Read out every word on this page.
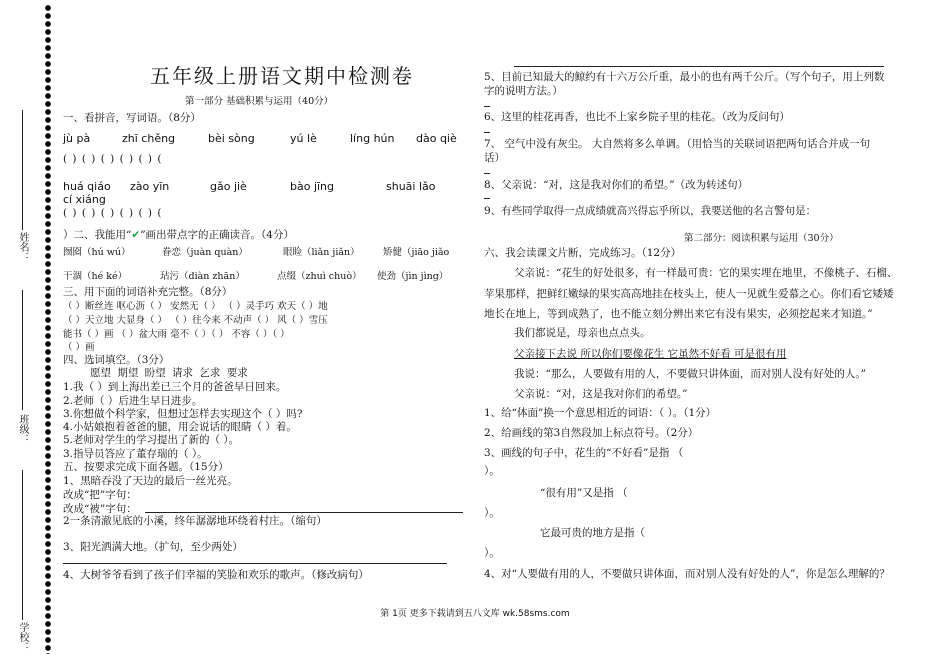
姓名：
班级：
学校：
五年级上册语文期中检测卷
第一部分 基础积累与运用（40分）
一、看拼音，写词语。（8分）
jù pà	zhī chěng	bèi sòng	yú lè	líng hún dào qiè
( ) ( ) ( ) ( ) ( ) (
huá qiáo zào yīn	gǎo jiè	bào jīng	shuāi lǎo
cí xiáng
( ) ( ) ( ) ( ) ( ) (
）二、我能用“✔”画出带点字的正确读音。（4分）
囫囵（hú wú）	眷恋（juàn quàn）	眼睑（liǎn jiǎn） 矫健（jiāo jiǎo
干涸（hé ké）	玷污（diàn zhān）	点缀（zhuì chuò） 使劲（jìn jìng）
三、用下面的词语补充完整。（8分）
（ ）断丝连 呕心沥（ ） 安然无（ ） （ ）灵手巧 欢天（ ）地
（ ）天立地 大显身（ ） （ ）往今来 不动声（ ） 风（ ）雪压
能书（ ）画 （ ）盆大雨 毫不（ ）（ ） 不容（ ）（ ）
（ ）画
四、选词填空。（3分）
愿望 期望 盼望 请求 乞求 要求
1.我（ ）到上海出差已三个月的爸爸早日回来。
2.老师（ ）后进生早日进步。
3.你想做个科学家，但想过怎样去实现这个（ ）吗?
4.小姑娘抱着爸爸的腿，用会说话的眼睛（ ）着。
5.老师对学生的学习提出了新的（ ）。
3.指导员答应了董存瑞的（ ）。
五、按要求完成下面各题。（15分）
1、黑暗吞没了天边的最后一丝光亮。
改成“把”字句：
改成“被”字句：
2一条清澈见底的小溪，终年潺潺地环绕着村庄。（缩句）
3、阳光洒满大地。（扩句，至少两处）
4、大树爷爷看到了孩子们幸福的笑脸和欢乐的歌声。（修改病句）
5、目前已知最大的鲸约有十六万公斤重，最小的也有两千公斤。（写个句子，用上列数
字的说明方法。）
6、这里的桂花再香，也比不上家乡院子里的桂花。（改为反问句）
7、 空气中没有灰尘。 大自然将多么单调。（用恰当的关联词语把两句话合并成一句
话）
8、父亲说：“对，这是我对你们的希望。”（改为转述句）
9、有些同学取得一点成绩就高兴得忘乎所以，我要送他的名言警句是：
第二部分：阅读积累与运用（30分）
六、我会读课文片断，完成练习。（12分）
父亲说：“花生的好处很多，有一样最可贵：它的果实埋在地里，不像桃子、石榴、
苹果那样，把鲜红嫩绿的果实高高地挂在枝头上，使人一见就生爱慕之心。你们看它矮矮
地长在地上，等到成熟了，也不能立刻分辨出来它有没有果实，必须挖起来才知道。”
我们都说是，母亲也点点头。
父亲接下去说 所以你们要像花生 它虽然不好看 可是很有用
我说：“那么，人要做有用的人，不要做只讲体面，而对别人没有好处的人。”
父亲说：“对，这是我对你们的希望。”
1、给“体面”换一个意思相近的词语：（ ）。（1分）
2、给画线的第3自然段加上标点符号。（2分）
3、画线的句子中，花生的“不好看”是指 （
）。
“很有用”又是指 （
）。
它最可贵的地方是指（
）。
4、对“人要做有用的人，不要做只讲体面，而对别人没有好处的人”，你是怎么理解的？
第 1页 更多下载请到五八文库 wk.58sms.com
